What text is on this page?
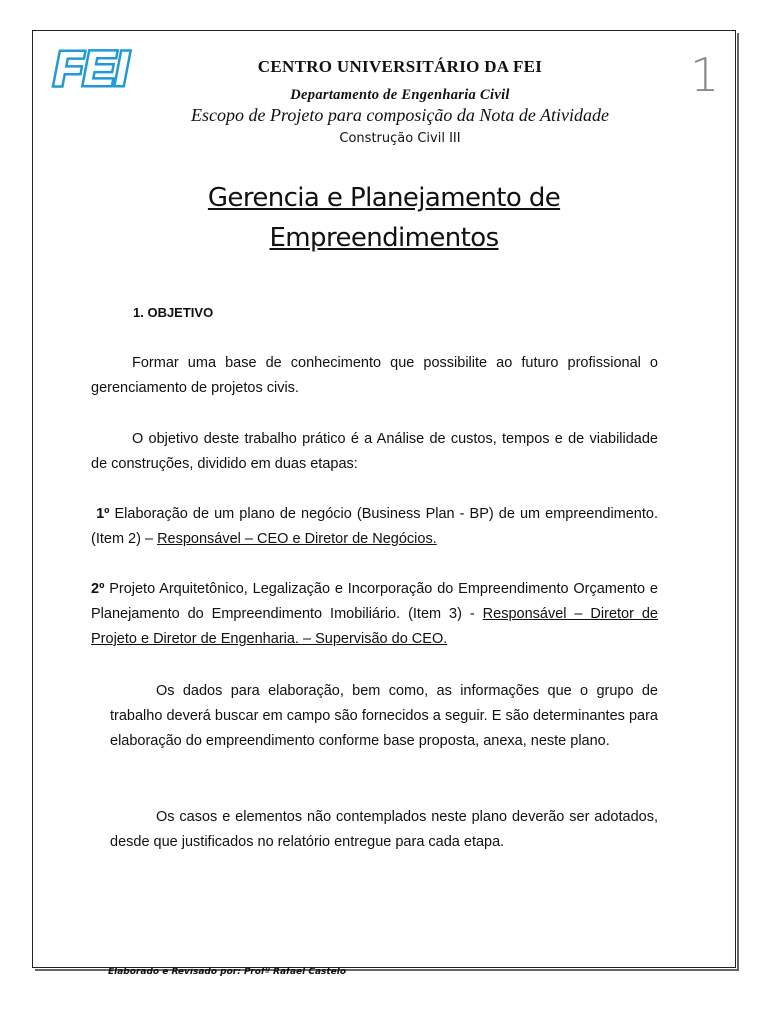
FEI	1
CENTRO UNIVERSITÁRIO DA FEI
Departamento de Engenharia Civil
Escopo de Projeto para composição da Nota de Atividade
Construção Civil III
Gerencia e Planejamento de
Empreendimentos
1. OBJETIVO
Formar uma base de conhecimento que possibilite ao futuro profissional o gerenciamento de projetos civis.
O objetivo deste trabalho prático é a Análise de custos, tempos e de viabilidade de construções, dividido em duas etapas:
1º Elaboração de um plano de negócio (Business Plan - BP) de um empreendimento. (Item 2) – Responsável – CEO e Diretor de Negócios.
2º Projeto Arquitetônico, Legalização e Incorporação do Empreendimento Orçamento e Planejamento do Empreendimento Imobiliário. (Item 3) - Responsável – Diretor de Projeto e Diretor de Engenharia. – Supervisão do CEO.
Os dados para elaboração, bem como, as informações que o grupo de trabalho deverá buscar em campo são fornecidos a seguir. E são determinantes para elaboração do empreendimento conforme base proposta, anexa, neste plano.
Os casos e elementos não contemplados neste plano deverão ser adotados, desde que justificados no relatório entregue para cada etapa.
Elaborado e Revisado por: Profº Rafael Castelo
